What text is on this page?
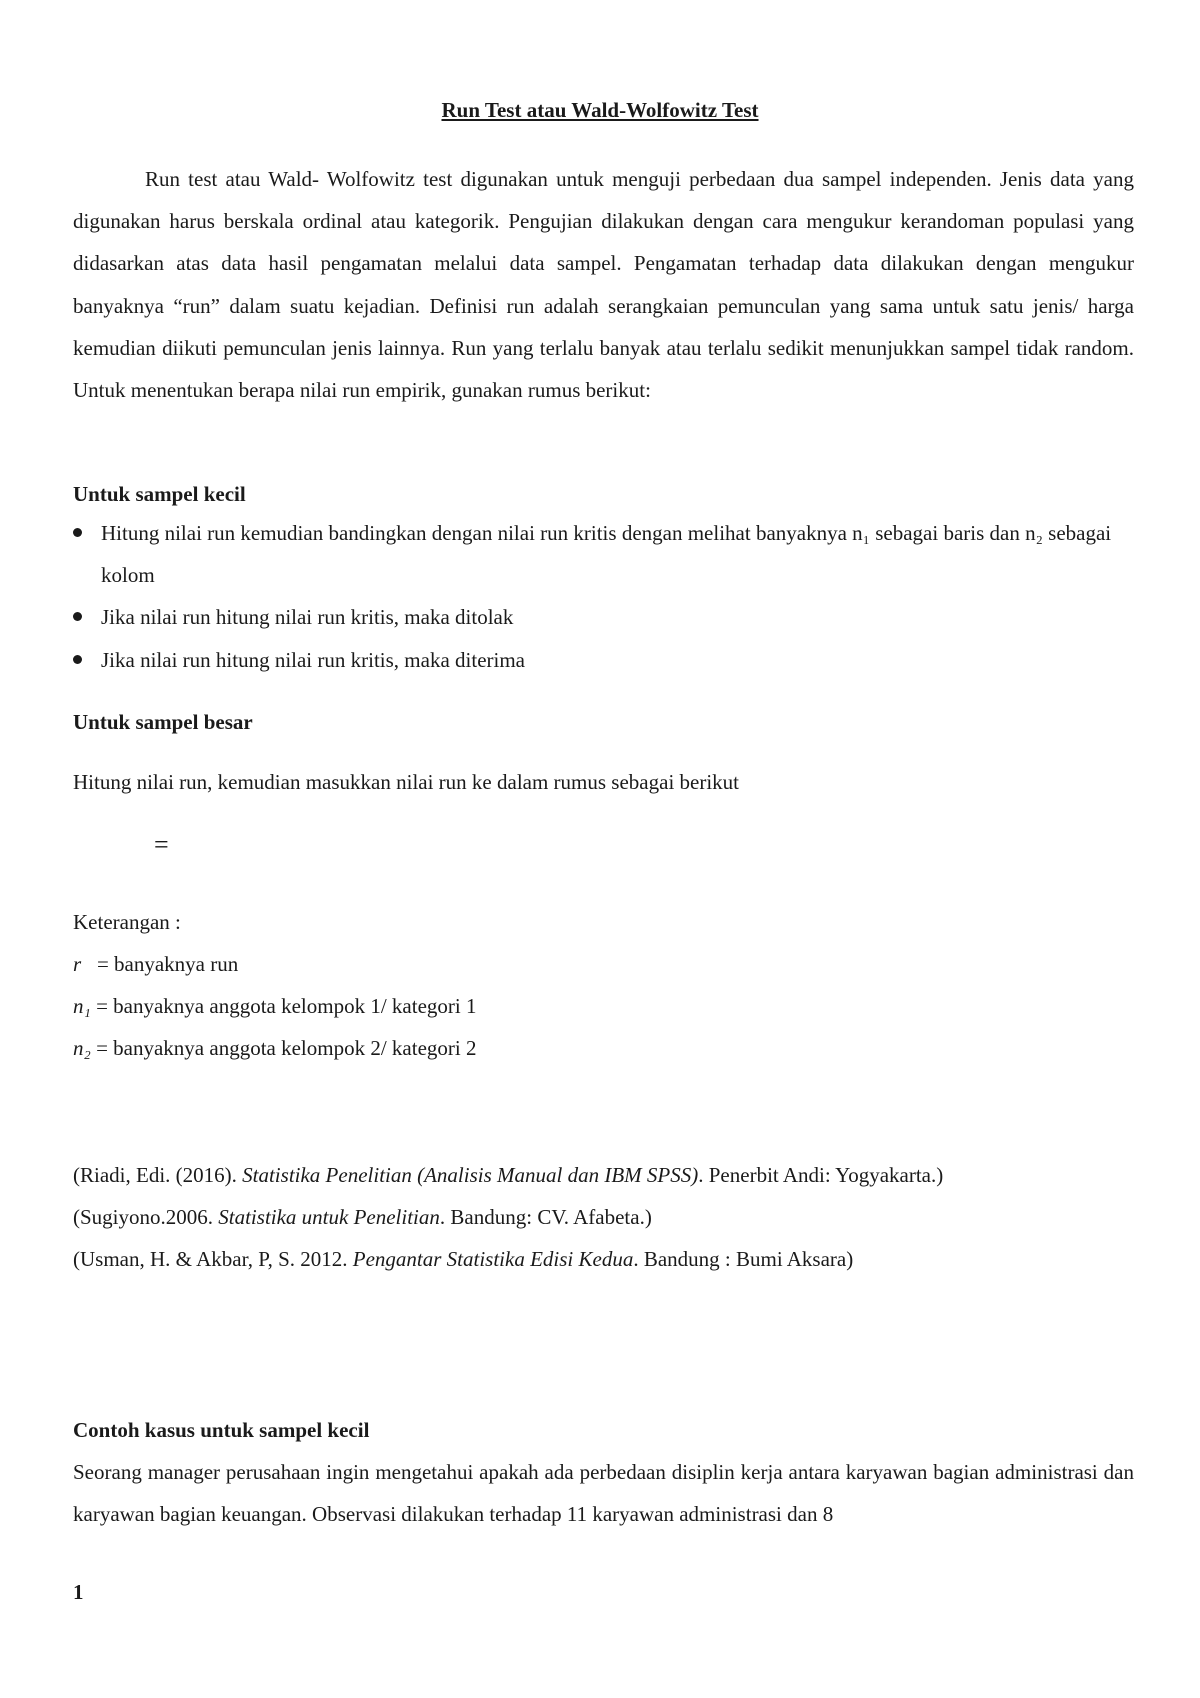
Run Test atau Wald-Wolfowitz Test

Run test atau Wald- Wolfowitz test digunakan untuk menguji perbedaan dua sampel independen. Jenis data yang digunakan harus berskala ordinal atau kategorik. Pengujian dilakukan dengan cara mengukur kerandoman populasi yang didasarkan atas data hasil pengamatan melalui data sampel. Pengamatan terhadap data dilakukan dengan mengukur banyaknya “run” dalam suatu kejadian. Definisi run adalah serangkaian pemunculan yang sama untuk satu jenis/ harga kemudian diikuti pemunculan jenis lainnya. Run yang terlalu banyak atau terlalu sedikit menunjukkan sampel tidak random. Untuk menentukan berapa nilai run empirik, gunakan rumus berikut:

Untuk sampel kecil
Hitung nilai run kemudian bandingkan dengan nilai run kritis dengan melihat banyaknya n₁ sebagai baris dan n₂ sebagai kolom
Jika nilai run hitung nilai run kritis, maka ditolak
Jika nilai run hitung nilai run kritis, maka diterima
Untuk sampel besar
Hitung nilai run, kemudian masukkan nilai run ke dalam rumus sebagai berikut
=
Keterangan :
r = banyaknya run
n₁ = banyaknya anggota kelompok 1/ kategori 1
n₂ = banyaknya anggota kelompok 2/ kategori 2
(Riadi, Edi. (2016). Statistika Penelitian (Analisis Manual dan IBM SPSS). Penerbit Andi: Yogyakarta.)
(Sugiyono.2006. Statistika untuk Penelitian. Bandung: CV. Afabeta.)
(Usman, H. & Akbar, P, S. 2012. Pengantar Statistika Edisi Kedua. Bandung : Bumi Aksara)
Contoh kasus untuk sampel kecil

Seorang manager perusahaan ingin mengetahui apakah ada perbedaan disiplin kerja antara karyawan bagian administrasi dan karyawan bagian keuangan. Observasi dilakukan terhadap 11 karyawan administrasi dan 8

1
